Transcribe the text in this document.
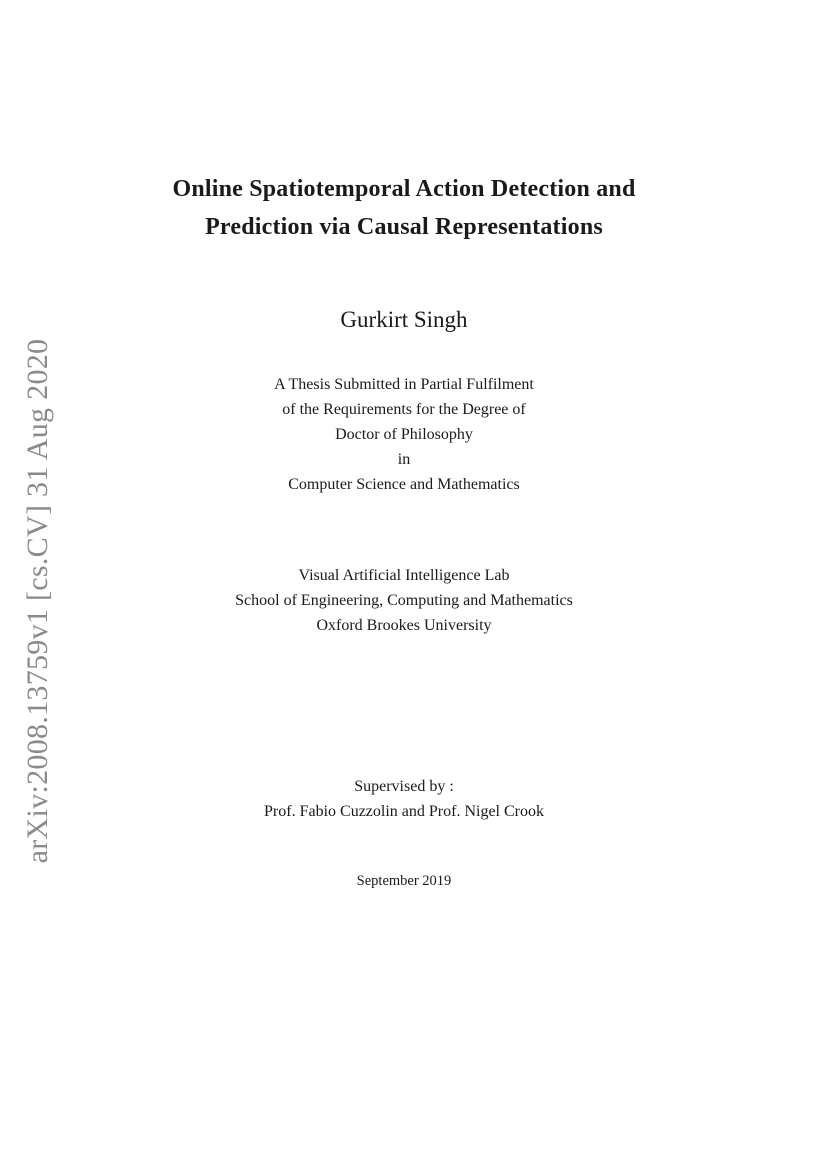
arXiv:2008.13759v1 [cs.CV] 31 Aug 2020
Online Spatiotemporal Action Detection and
Prediction via Causal Representations
Gurkirt Singh
A Thesis Submitted in Partial Fulfilment
of the Requirements for the Degree of
Doctor of Philosophy
in
Computer Science and Mathematics
Visual Artificial Intelligence Lab
School of Engineering, Computing and Mathematics
Oxford Brookes University
Supervised by :
Prof. Fabio Cuzzolin and Prof. Nigel Crook
September 2019
